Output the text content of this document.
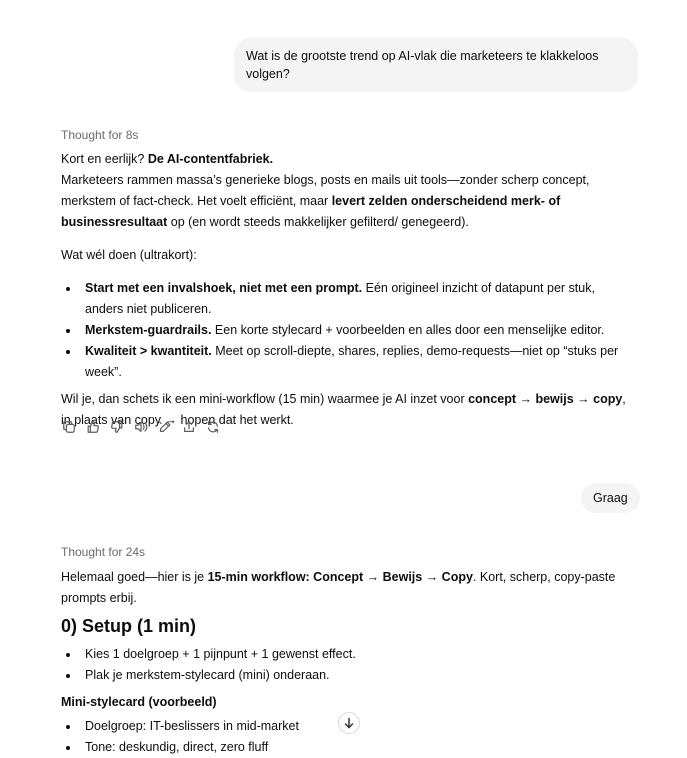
Wat is de grootste trend op AI-vlak die marketeers te klakkeloos volgen?
Thought for 8s

Kort en eerlijk? De AI-contentfabriek.

Marketeers rammen massa’s generieke blogs, posts en mails uit tools—zonder scherp concept, merkstem of fact-check. Het voelt efficiënt, maar levert zelden onderscheidend merk- of businessresultaat op (en wordt steeds makkelijker gefilterd/ genegeerd).

Wat wél doen (ultrakort):

Start met een invalshoek, niet met een prompt. Eén origineel inzicht of datapunt per stuk, anders niet publiceren.
Merkstem-guardrails. Een korte stylecard + voorbeelden en alles door een menselijke editor.
Kwaliteit > kwantiteit. Meet op scroll-diepte, shares, replies, demo-requests—niet op “stuks per week”.

Wil je, dan schets ik een mini-workflow (15 min) waarmee je AI inzet voor concept → bewijs → copy, in plaats van copy → hopen dat het werkt.

Graag
Thought for 24s

Helemaal goed—hier is je 15-min workflow: Concept → Bewijs → Copy. Kort, scherp, copy-paste prompts erbij.

0) Setup (1 min)
Kies 1 doelgroep + 1 pijnpunt + 1 gewenst effect.
Plak je merkstem-stylecard (mini) onderaan.

Mini-stylecard (voorbeeld)

Doelgroep: IT-beslissers in mid-market
Tone: deskundig, direct, zero fluff
